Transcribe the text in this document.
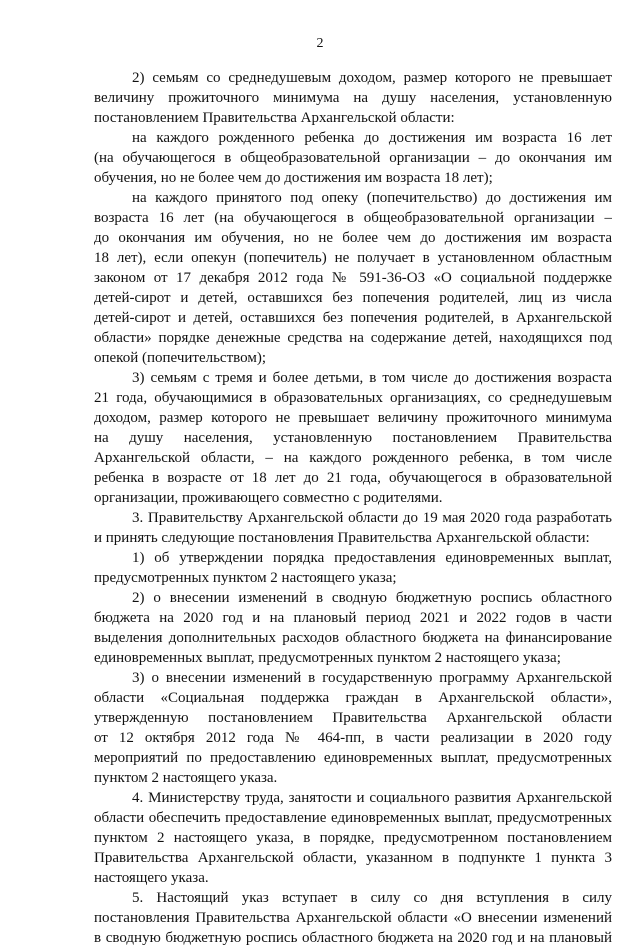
2
2) семьям со среднедушевым доходом, размер которого не превышает
величину прожиточного минимума на душу населения, установленную
постановлением Правительства Архангельской области:
на каждого рожденного ребенка до достижения им возраста 16 лет
(на обучающегося в общеобразовательной организации – до окончания им
обучения, но не более чем до достижения им возраста 18 лет);
на каждого принятого под опеку (попечительство) до достижения им
возраста 16 лет (на обучающегося в общеобразовательной организации –
до окончания им обучения, но не более чем до достижения им возраста
18 лет), если опекун (попечитель) не получает в установленном областным
законом от 17 декабря 2012 года № 591-36-ОЗ «О социальной поддержке
детей-сирот и детей, оставшихся без попечения родителей, лиц из числа
детей-сирот и детей, оставшихся без попечения родителей, в Архангельской
области» порядке денежные средства на содержание детей, находящихся под
опекой (попечительством);
3) семьям с тремя и более детьми, в том числе до достижения возраста
21 года, обучающимися в образовательных организациях, со среднедушевым
доходом, размер которого не превышает величину прожиточного минимума
на душу населения, установленную постановлением Правительства
Архангельской области, – на каждого рожденного ребенка, в том числе
ребенка в возрасте от 18 лет до 21 года, обучающегося в образовательной
организации, проживающего совместно с родителями.
3. Правительству Архангельской области до 19 мая 2020 года разработать
и принять следующие постановления Правительства Архангельской области:
1) об утверждении порядка предоставления единовременных выплат,
предусмотренных пунктом 2 настоящего указа;
2) о внесении изменений в сводную бюджетную роспись областного
бюджета на 2020 год и на плановый период 2021 и 2022 годов в части
выделения дополнительных расходов областного бюджета на финансирование
единовременных выплат, предусмотренных пунктом 2 настоящего указа;
3) о внесении изменений в государственную программу Архангельской
области «Социальная поддержка граждан в Архангельской области»,
утвержденную постановлением Правительства Архангельской области
от 12 октября 2012 года № 464-пп, в части реализации в 2020 году
мероприятий по предоставлению единовременных выплат, предусмотренных
пунктом 2 настоящего указа.
4. Министерству труда, занятости и социального развития Архангельской
области обеспечить предоставление единовременных выплат, предусмотренных
пунктом 2 настоящего указа, в порядке, предусмотренном постановлением
Правительства Архангельской области, указанном в подпункте 1 пункта 3
настоящего указа.
5. Настоящий указ вступает в силу со дня вступления в силу
постановления Правительства Архангельской области «О внесении изменений
в сводную бюджетную роспись областного бюджета на 2020 год и на плановый
